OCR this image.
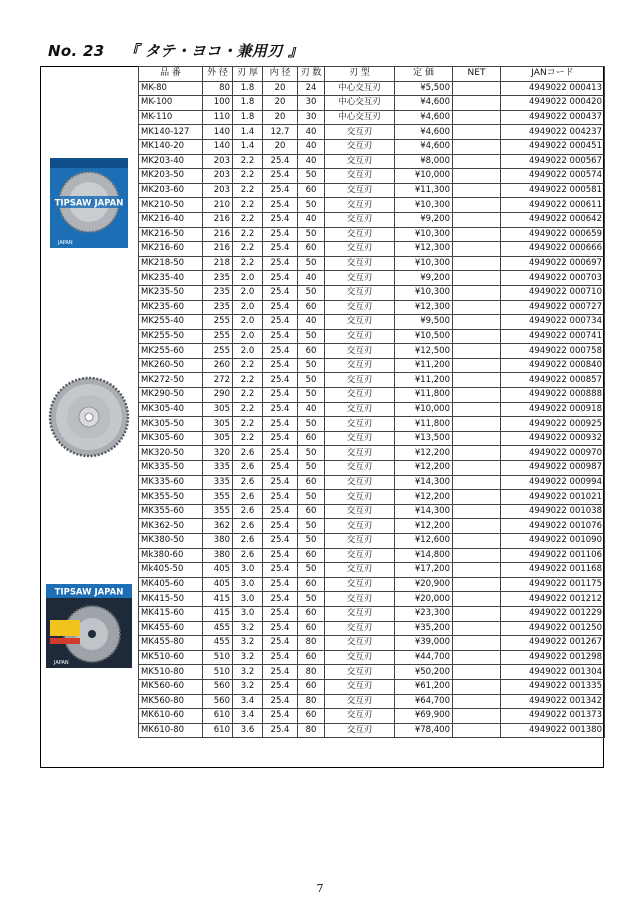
No. 23 『 タテ・ヨコ・兼用刃 』
TIPSAW JAPAN
JAPAN
TIPSAW JAPAN
JAPAN
品 番	外 径	刃 厚	内 径	刃 数	刃 型	定 価	NET	JANコード
MK-80	80	1.8	20	24	中心交互刃	¥5,500		4949022 000413
MK-100	100	1.8	20	30	中心交互刃	¥4,600		4949022 000420
MK-110	110	1.8	20	30	中心交互刃	¥4,600		4949022 000437
MK140-127	140	1.4	12.7	40	交互刃	¥4,600		4949022 004237
MK140-20	140	1.4	20	40	交互刃	¥4,600		4949022 000451
MK203-40	203	2.2	25.4	40	交互刃	¥8,000		4949022 000567
MK203-50	203	2.2	25.4	50	交互刃	¥10,000		4949022 000574
MK203-60	203	2.2	25.4	60	交互刃	¥11,300		4949022 000581
MK210-50	210	2.2	25.4	50	交互刃	¥10,300		4949022 000611
MK216-40	216	2.2	25.4	40	交互刃	¥9,200		4949022 000642
MK216-50	216	2.2	25.4	50	交互刃	¥10,300		4949022 000659
MK216-60	216	2.2	25.4	60	交互刃	¥12,300		4949022 000666
MK218-50	218	2.2	25.4	50	交互刃	¥10,300		4949022 000697
MK235-40	235	2.0	25.4	40	交互刃	¥9,200		4949022 000703
MK235-50	235	2.0	25.4	50	交互刃	¥10,300		4949022 000710
MK235-60	235	2.0	25.4	60	交互刃	¥12,300		4949022 000727
MK255-40	255	2.0	25.4	40	交互刃	¥9,500		4949022 000734
MK255-50	255	2.0	25.4	50	交互刃	¥10,500		4949022 000741
MK255-60	255	2.0	25.4	60	交互刃	¥12,500		4949022 000758
MK260-50	260	2.2	25.4	50	交互刃	¥11,200		4949022 000840
MK272-50	272	2.2	25.4	50	交互刃	¥11,200		4949022 000857
MK290-50	290	2.2	25.4	50	交互刃	¥11,800		4949022 000888
MK305-40	305	2.2	25.4	40	交互刃	¥10,000		4949022 000918
MK305-50	305	2.2	25.4	50	交互刃	¥11,800		4949022 000925
MK305-60	305	2.2	25.4	60	交互刃	¥13,500		4949022 000932
MK320-50	320	2.6	25.4	50	交互刃	¥12,200		4949022 000970
MK335-50	335	2.6	25.4	50	交互刃	¥12,200		4949022 000987
MK335-60	335	2.6	25.4	60	交互刃	¥14,300		4949022 000994
MK355-50	355	2.6	25.4	50	交互刃	¥12,200		4949022 001021
MK355-60	355	2.6	25.4	60	交互刃	¥14,300		4949022 001038
MK362-50	362	2.6	25.4	50	交互刃	¥12,200		4949022 001076
MK380-50	380	2.6	25.4	50	交互刃	¥12,600		4949022 001090
Mk380-60	380	2.6	25.4	60	交互刃	¥14,800		4949022 001106
Mk405-50	405	3.0	25.4	50	交互刃	¥17,200		4949022 001168
MK405-60	405	3.0	25.4	60	交互刃	¥20,900		4949022 001175
MK415-50	415	3.0	25.4	50	交互刃	¥20,000		4949022 001212
MK415-60	415	3.0	25.4	60	交互刃	¥23,300		4949022 001229
MK455-60	455	3.2	25.4	60	交互刃	¥35,200		4949022 001250
MK455-80	455	3.2	25.4	80	交互刃	¥39,000		4949022 001267
MK510-60	510	3.2	25.4	60	交互刃	¥44,700		4949022 001298
MK510-80	510	3.2	25.4	80	交互刃	¥50,200		4949022 001304
MK560-60	560	3.2	25.4	60	交互刃	¥61,200		4949022 001335
MK560-80	560	3.4	25.4	80	交互刃	¥64,700		4949022 001342
MK610-60	610	3.4	25.4	60	交互刃	¥69,900		4949022 001373
MK610-80	610	3.6	25.4	80	交互刃	¥78,400		4949022 001380
7
